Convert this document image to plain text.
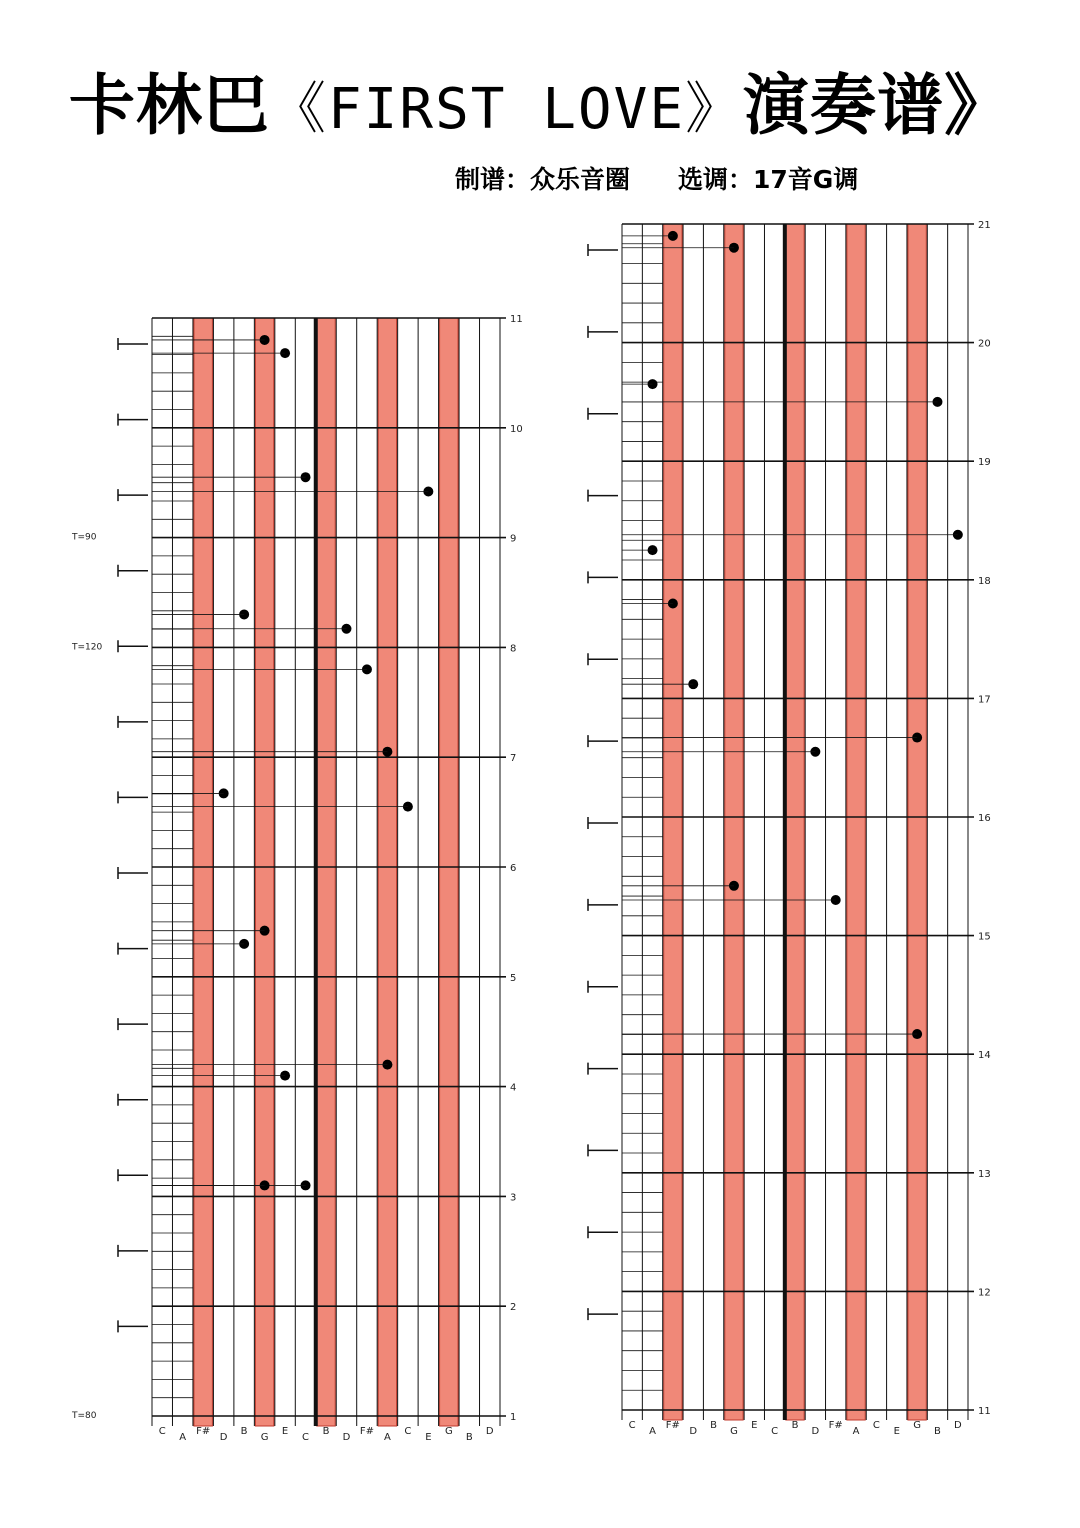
卡林巴《FIRST LOVE》演奏谱》
制谱：众乐音圈 选调：17音G调
11
10
9
8
7
6
5
4
3
2
1
C
A
F#
D
B
G
E
C
B
D
F#
A
C
E
G
B
D
T=90
T=120
T=80
21
20
19
18
17
16
15
14
13
12
11
C
A
F#
D
B
G
E
C
B
D
F#
A
C
E
G
B
D
